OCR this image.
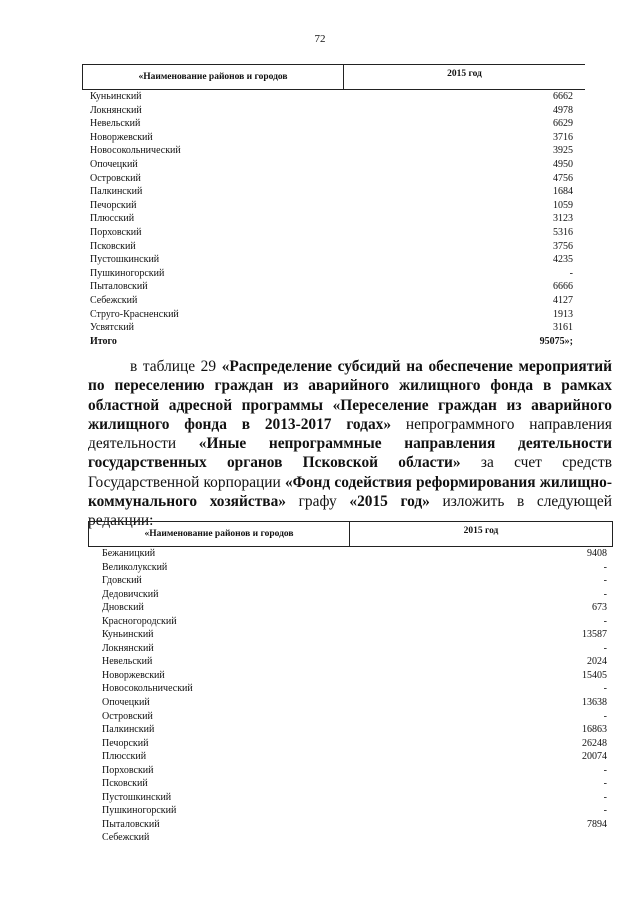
72
«Наименование районов и городов	2015 год
Куньинский	6662
Локнянский	4978
Невельский	6629
Новоржевский	3716
Новосокольнический	3925
Опочецкий	4950
Островский	4756
Палкинский	1684
Печорский	1059
Плюсский	3123
Порховский	5316
Псковский	3756
Пустошкинский	4235
Пушкиногорский	-
Пыталовский	6666
Себежский	4127
Струго-Красненский	1913
Усвятский	3161
Итого	95075»;
в таблице 29 «Распределение субсидий на обеспечение мероприятий по переселению граждан из аварийного жилищного фонда в рамках областной адресной программы «Переселение граждан из аварийного жилищного фонда в 2013-2017 годах» непрограммного направления деятельности «Иные непрограммные направления деятельности государственных органов Псковской области» за счет средств Государственной корпорации «Фонд содействия реформирования жилищно-коммунального хозяйства» графу «2015 год» изложить в следующей редакции:
«Наименование районов и городов	2015 год
Бежаницкий	9408
Великолукский	-
Гдовский	-
Дедовичский	-
Дновский	673
Красногородский	-
Куньинский	13587
Локнянский	-
Невельский	2024
Новоржевский	15405
Новосокольнический	-
Опочецкий	13638
Островский	-
Палкинский	16863
Печорский	26248
Плюсский	20074
Порховский	-
Псковский	-
Пустошкинский	-
Пушкиногорский	-
Пыталовский	7894
Себежский
